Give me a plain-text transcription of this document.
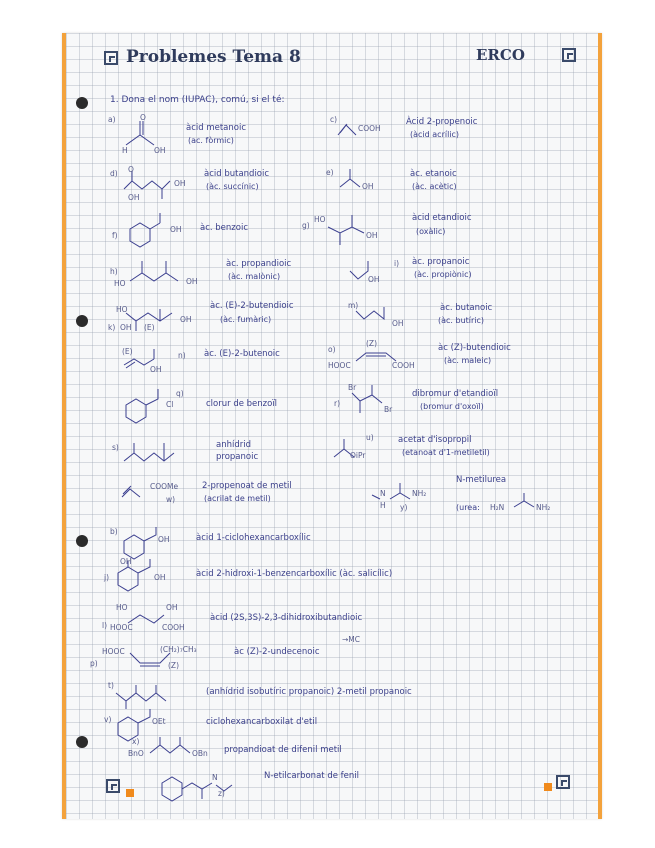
Problemes Tema 8	ERCO
1. Dona el nom (IUPAC), comú, si el té:
a)	O
H	OH
àcid metanoic
(ac. fòrmic)
c)
COOH
Àcid 2-propenoic
(àcid acrílic)
d) O
OH
OH
àcid butandioic
(àc. succínic)
e)
OH
àc. etanoic
(àc. acètic)
f)
OH àc. benzoic	g)
HO
OH
àcid etandioic
(oxàlic)
h)
HO	OH
àc. propandioic
(àc. malònic)
i)
OH
àc. propanoic
(àc. propiònic)
k)
HO
OH
OH (E)
àc. (E)-2-butendioic
(àc. fumàric)
m)
OH
àc. butanoic
(àc. butíric)
(E)	n)
OH
àc. (E)-2-butenoic	o)
(Z)
HOOC	COOH
àc (Z)-butendioic
(àc. maleic)
Cl
q)
clorur de benzoïl	r)
Br
Br
dibromur d'etandioïl
(bromur d'oxoïl)
s)	anhídrid propanoic
u)
OiPr
acetat d'isopropil
(etanoat d'1-metiletil)
COOMe
w)
2-propenoat de metil
(acrilat de metil)
N
H
NH₂
y)
N-metilurea
(urea: H₂N	NH₂
b)
OH	àcid 1-ciclohexancarboxílic
j)
OH
OH	àcid 2-hidroxi-1-benzencarboxílic (àc. salicílic)
HO	OH
l) HOOC	COOH
àcid (2S,3S)-2,3-dihidroxibutandioic
p)
HOOC	(CH₂)₇CH₃
(Z)
→MC
àc (Z)-2-undecenoic
t)
(anhídrid isobutíric propanoic) 2-metil propanoic
v)	OEt	ciclohexancarboxilat d'etil
x)
BnO	OBn propandioat de difenil metil
N
z)
N-etilcarbonat de fenil
